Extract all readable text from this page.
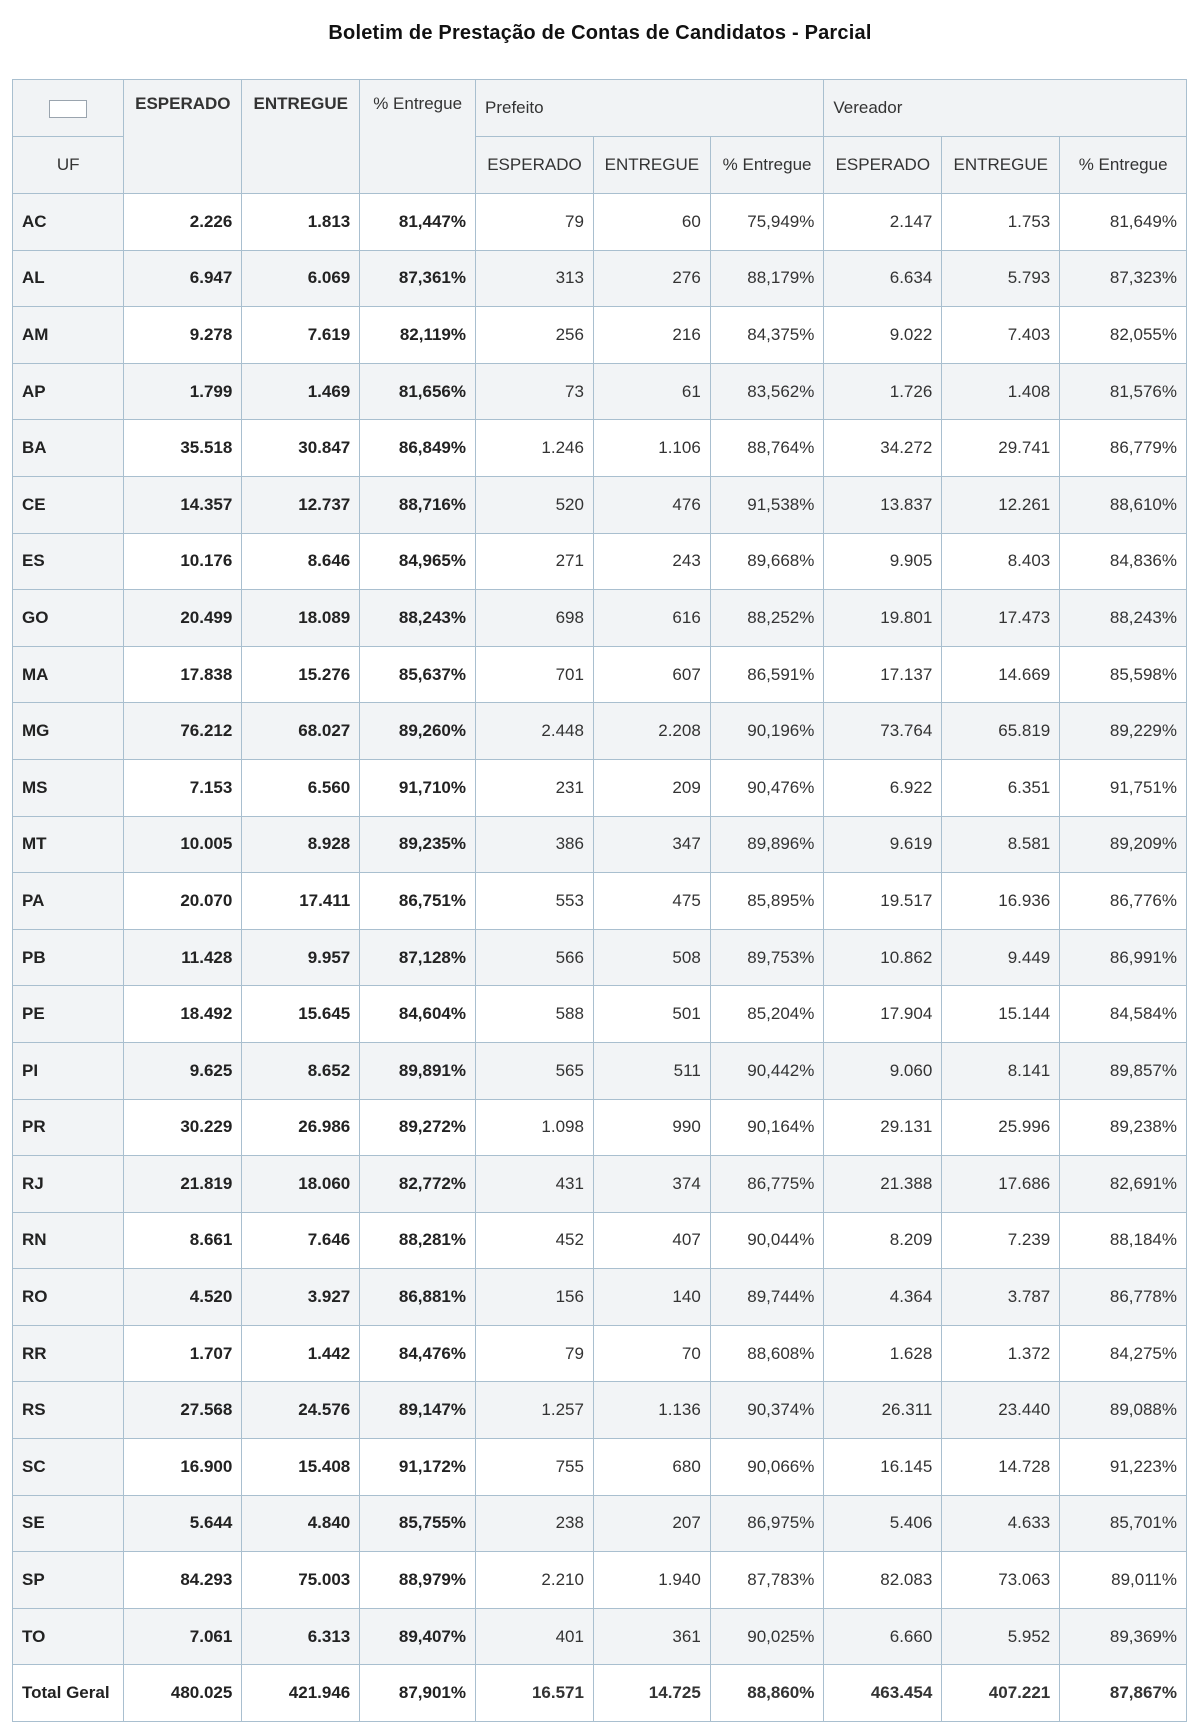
Boletim de Prestação de Contas de Candidatos - Parcial
	ESPERADO	ENTREGUE	% Entregue	Prefeito			Vereador		
UF				ESPERADO	ENTREGUE	% Entregue	ESPERADO	ENTREGUE	% Entregue
AC	2.226	1.813	81,447%	79	60	75,949%	2.147	1.753	81,649%
AL	6.947	6.069	87,361%	313	276	88,179%	6.634	5.793	87,323%
AM	9.278	7.619	82,119%	256	216	84,375%	9.022	7.403	82,055%
AP	1.799	1.469	81,656%	73	61	83,562%	1.726	1.408	81,576%
BA	35.518	30.847	86,849%	1.246	1.106	88,764%	34.272	29.741	86,779%
CE	14.357	12.737	88,716%	520	476	91,538%	13.837	12.261	88,610%
ES	10.176	8.646	84,965%	271	243	89,668%	9.905	8.403	84,836%
GO	20.499	18.089	88,243%	698	616	88,252%	19.801	17.473	88,243%
MA	17.838	15.276	85,637%	701	607	86,591%	17.137	14.669	85,598%
MG	76.212	68.027	89,260%	2.448	2.208	90,196%	73.764	65.819	89,229%
MS	7.153	6.560	91,710%	231	209	90,476%	6.922	6.351	91,751%
MT	10.005	8.928	89,235%	386	347	89,896%	9.619	8.581	89,209%
PA	20.070	17.411	86,751%	553	475	85,895%	19.517	16.936	86,776%
PB	11.428	9.957	87,128%	566	508	89,753%	10.862	9.449	86,991%
PE	18.492	15.645	84,604%	588	501	85,204%	17.904	15.144	84,584%
PI	9.625	8.652	89,891%	565	511	90,442%	9.060	8.141	89,857%
PR	30.229	26.986	89,272%	1.098	990	90,164%	29.131	25.996	89,238%
RJ	21.819	18.060	82,772%	431	374	86,775%	21.388	17.686	82,691%
RN	8.661	7.646	88,281%	452	407	90,044%	8.209	7.239	88,184%
RO	4.520	3.927	86,881%	156	140	89,744%	4.364	3.787	86,778%
RR	1.707	1.442	84,476%	79	70	88,608%	1.628	1.372	84,275%
RS	27.568	24.576	89,147%	1.257	1.136	90,374%	26.311	23.440	89,088%
SC	16.900	15.408	91,172%	755	680	90,066%	16.145	14.728	91,223%
SE	5.644	4.840	85,755%	238	207	86,975%	5.406	4.633	85,701%
SP	84.293	75.003	88,979%	2.210	1.940	87,783%	82.083	73.063	89,011%
TO	7.061	6.313	89,407%	401	361	90,025%	6.660	5.952	89,369%
Total Geral	480.025	421.946	87,901%	16.571	14.725	88,860%	463.454	407.221	87,867%
